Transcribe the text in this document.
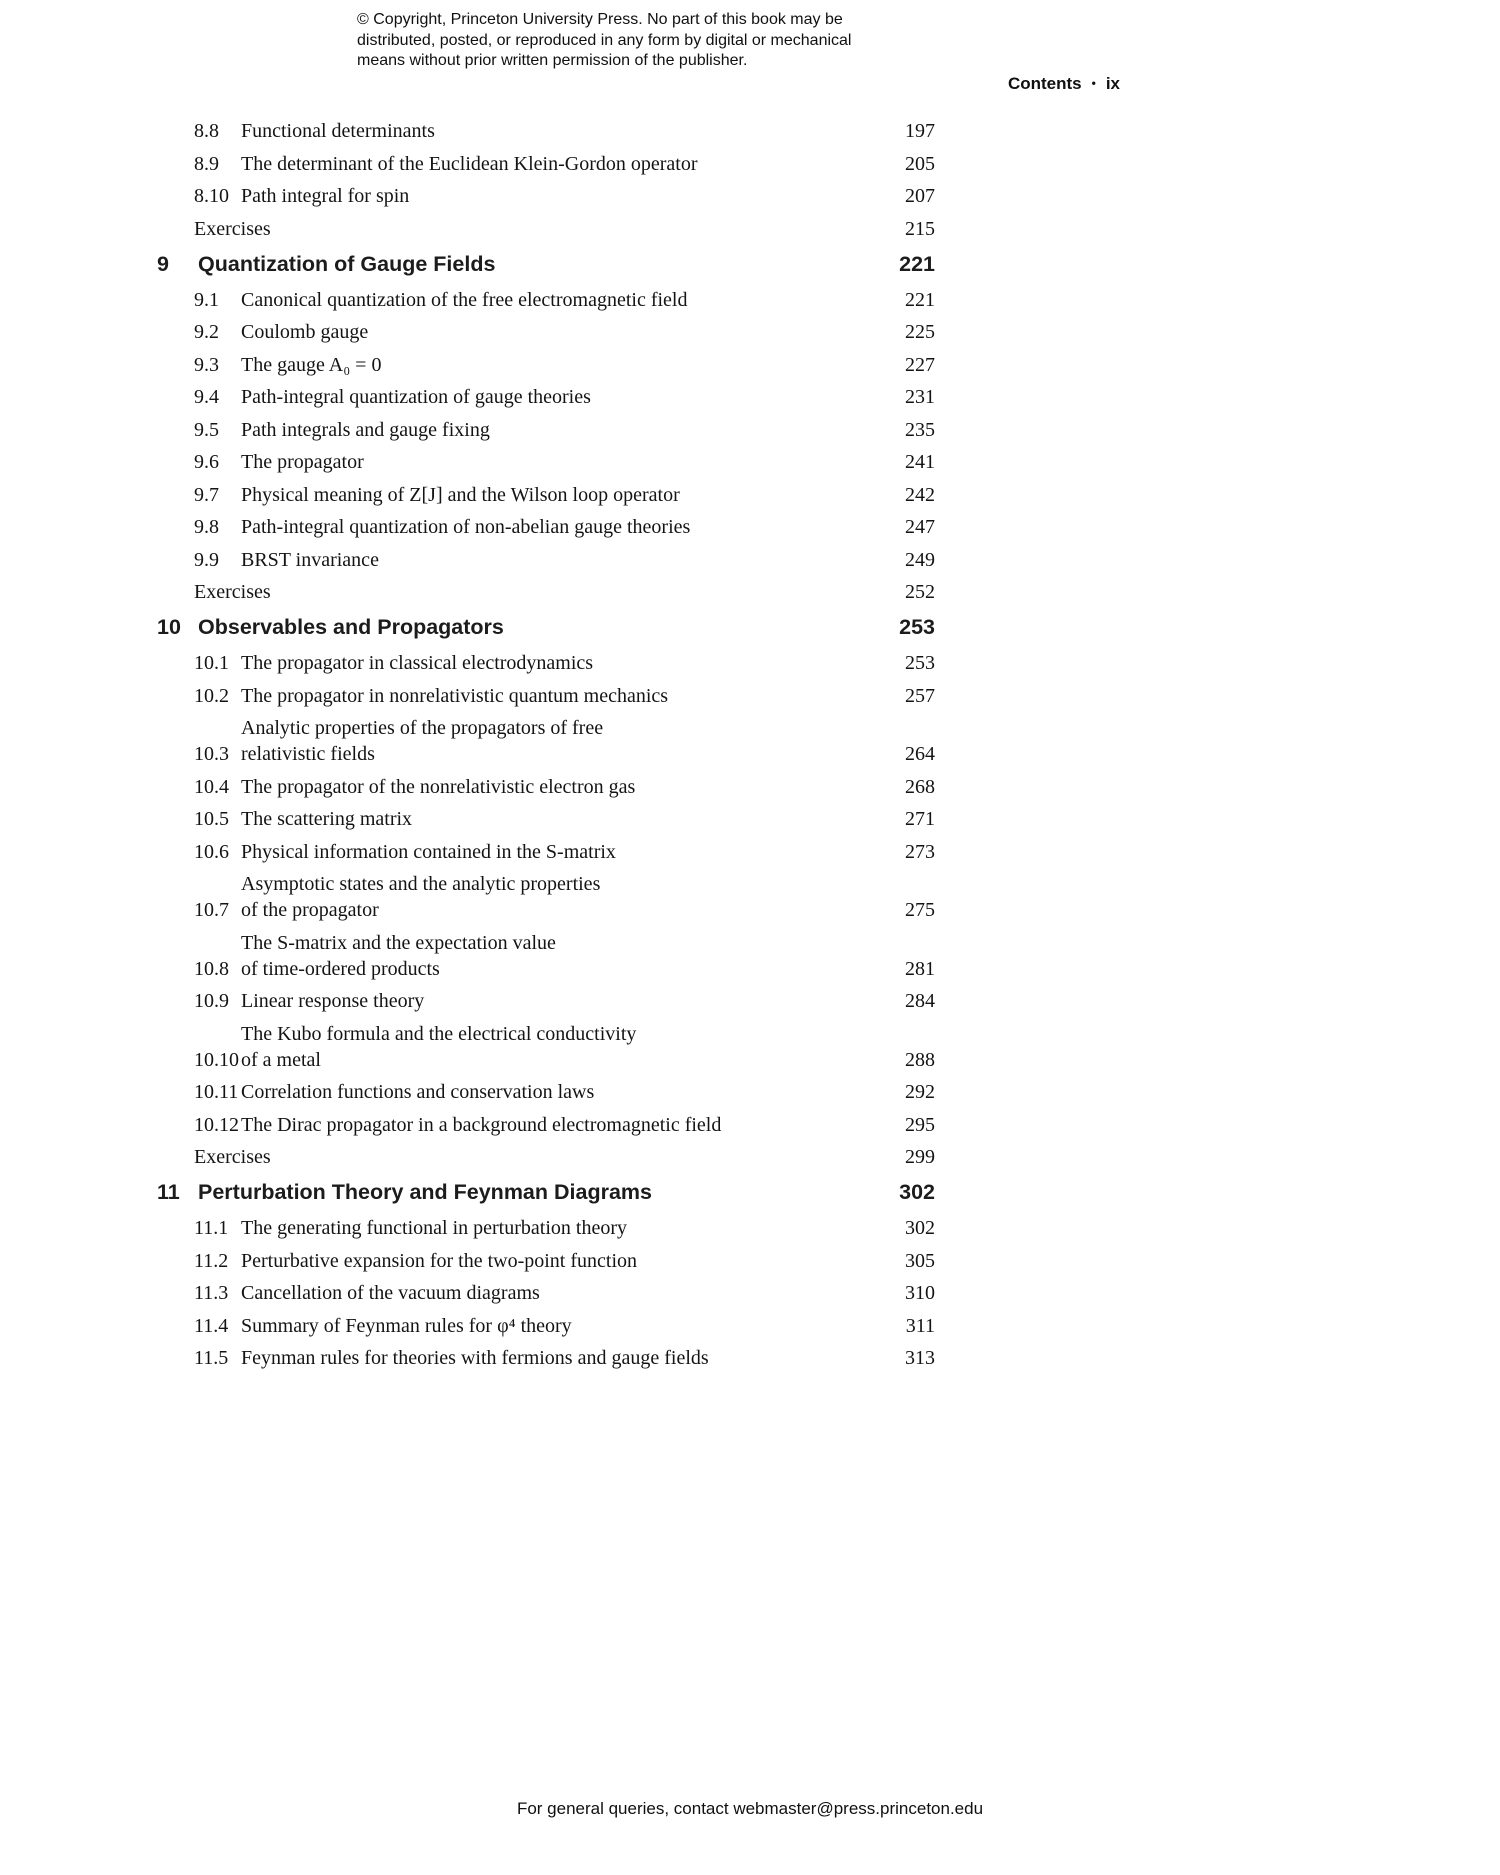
© Copyright, Princeton University Press. No part of this book may be
distributed, posted, or reproduced in any form by digital or mechanical
means without prior written permission of the publisher.
Contents • ix
8.8	Functional determinants	197
8.9	The determinant of the Euclidean Klein-Gordon operator	205
8.10 Path integral for spin	207
Exercises	215
9	Quantization of Gauge Fields	221
9.1	Canonical quantization of the free electromagnetic field	221
9.2	Coulomb gauge	225
9.3	The gauge A₀ = 0	227
9.4	Path-integral quantization of gauge theories	231
9.5	Path integrals and gauge fixing	235
9.6	The propagator	241
9.7	Physical meaning of Z[J] and the Wilson loop operator	242
9.8	Path-integral quantization of non-abelian gauge theories	247
9.9	BRST invariance	249
Exercises	252
10 Observables and Propagators	253
10.1 The propagator in classical electrodynamics	253
10.2 The propagator in nonrelativistic quantum mechanics	257
10.3
Analytic properties of the propagators of free
relativistic fields	264
10.4 The propagator of the nonrelativistic electron gas	268
10.5 The scattering matrix	271
10.6 Physical information contained in the S-matrix	273
10.7
Asymptotic states and the analytic properties
of the propagator	275
10.8
The S-matrix and the expectation value
of time-ordered products	281
10.9 Linear response theory	284
10.10
The Kubo formula and the electrical conductivity
of a metal	288
10.11 Correlation functions and conservation laws	292
10.12 The Dirac propagator in a background electromagnetic field	295
Exercises	299
11 Perturbation Theory and Feynman Diagrams	302
11.1 The generating functional in perturbation theory	302
11.2 Perturbative expansion for the two-point function	305
11.3 Cancellation of the vacuum diagrams	310
11.4 Summary of Feynman rules for φ⁴ theory	311
11.5 Feynman rules for theories with fermions and gauge fields	313
For general queries, contact webmaster@press.princeton.edu
